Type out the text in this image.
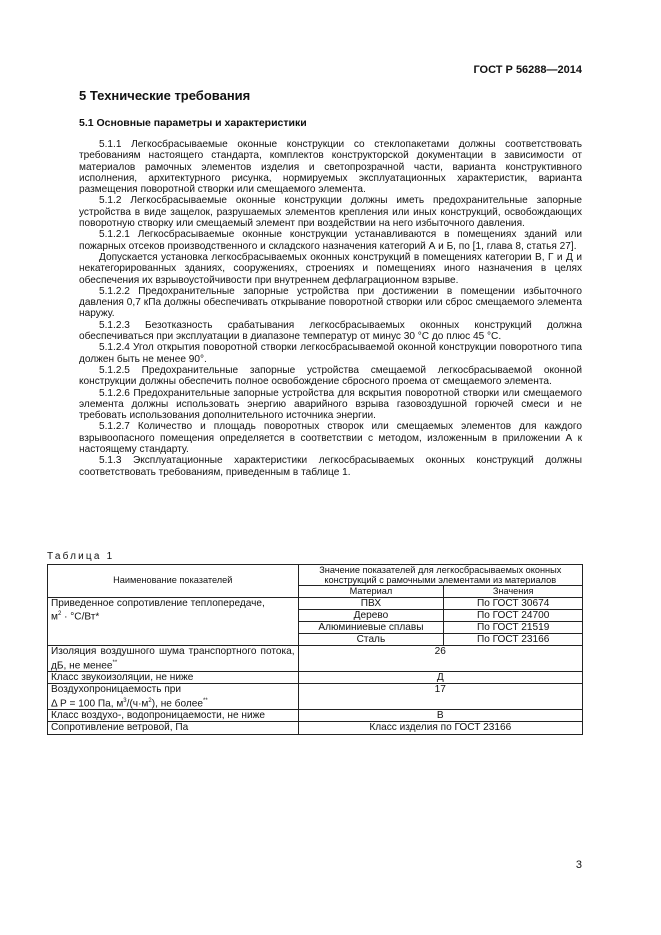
ГОСТ Р 56288—2014
5 Технические требования
5.1 Основные параметры и характеристики

5.1.1 Легкосбрасываемые оконные конструкции со стеклопакетами должны соответствовать требованиям настоящего стандарта, комплектов конструкторской документации в зависимости от материалов рамочных элементов изделия и светопрозрачной части, варианта конструктивного исполнения, архитектурного рисунка, нормируемых эксплуатационных характеристик, варианта размещения поворотной створки или смещаемого элемента.

5.1.2 Легкосбрасываемые оконные конструкции должны иметь предохранительные запорные устройства в виде защелок, разрушаемых элементов крепления или иных конструкций, освобождающих поворотную створку или смещаемый элемент при воздействии на него избыточного давления.

5.1.2.1 Легкосбрасываемые оконные конструкции устанавливаются в помещениях зданий или пожарных отсеков производственного и складского назначения категорий А и Б, по [1, глава 8, статья 27].

Допускается установка легкосбрасываемых оконных конструкций в помещениях категории В, Г и Д и некатегорированных зданиях, сооружениях, строениях и помещениях иного назначения в целях обеспечения их взрывоустойчивости при внутреннем дефлаграционном взрыве.

5.1.2.2 Предохранительные запорные устройства при достижении в помещении избыточного давления 0,7 кПа должны обеспечивать открывание поворотной створки или сброс смещаемого элемента наружу.

5.1.2.3 Безотказность срабатывания легкосбрасываемых оконных конструкций должна обеспечиваться при эксплуатации в диапазоне температур от минус 30 °С до плюс 45 °С.

5.1.2.4 Угол открытия поворотной створки легкосбрасываемой оконной конструкции поворотного типа должен быть не менее 90°.

5.1.2.5 Предохранительные запорные устройства смещаемой легкосбрасываемой оконной конструкции должны обеспечить полное освобождение сбросного проема от смещаемого элемента.

5.1.2.6 Предохранительные запорные устройства для вскрытия поворотной створки или смещаемого элемента должны использовать энергию аварийного взрыва газовоздушной горючей смеси и не требовать использования дополнительного источника энергии.

5.1.2.7 Количество и площадь поворотных створок или смещаемых элементов для каждого взрывоопасного помещения определяется в соответствии с методом, изложенным в приложении А к настоящему стандарту.

5.1.3 Эксплуатационные характеристики легкосбрасываемых оконных конструкций должны соответствовать требованиям, приведенным в таблице 1.

Таблица 1
Наименование показателей	Значение показателей для легкосбрасываемых оконных конструкций с рамочными элементами из материалов	
	Материал	Значения
Приведенное сопротивление теплопередаче,
$м^2 \cdot ^\circ С/Вт*$	ПВХ	По ГОСТ 30674
	Дерево	По ГОСТ 24700
	Алюминиевые сплавы	По ГОСТ 21519
	Сталь	По ГОСТ 23166
Изоляция воздушного шума транспортного потока, дБ, не менее**	26	
Класс звукоизоляции, не ниже	Д	
Воздухопроницаемость при
Δ Р = 100 Па, $м^3/(ч\cdot м^2)$, не более**	17	
Класс воздухо-, водопроницаемости, не ниже	В	
Сопротивление ветровой, Па	Класс изделия по ГОСТ 23166	
3
